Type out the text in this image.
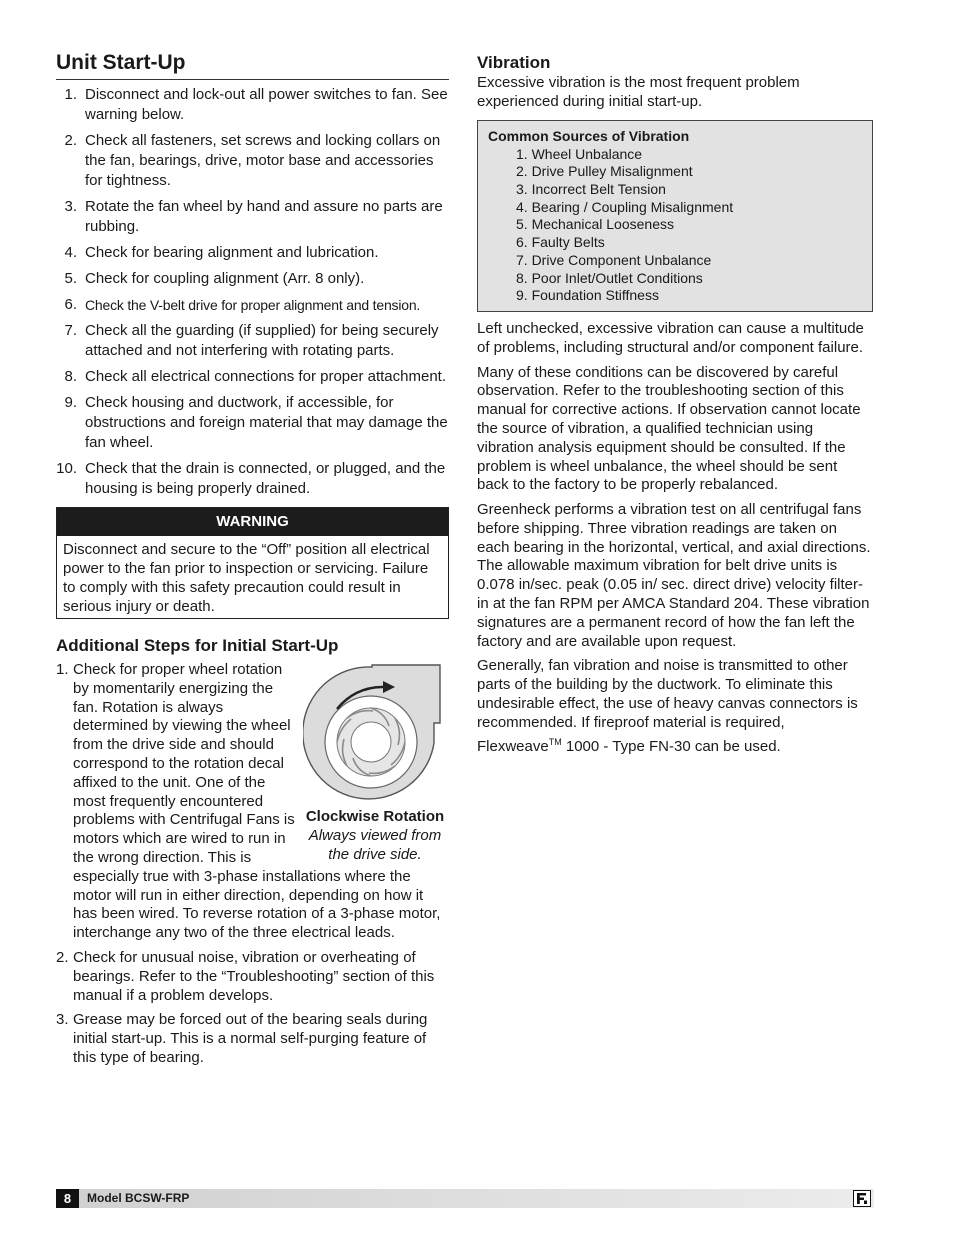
Unit Start-Up
1. Disconnect and lock-out all power switches to fan. See warning below.
2. Check all fasteners, set screws and locking collars on the fan, bearings, drive, motor base and accessories for tightness.
3. Rotate the fan wheel by hand and assure no parts are rubbing.
4. Check for bearing alignment and lubrication.
5. Check for coupling alignment (Arr. 8 only).
6. Check the V-belt drive for proper alignment and tension.
7. Check all the guarding (if supplied) for being securely attached and not interfering with rotating parts.
8. Check all electrical connections for proper attachment.
9. Check housing and ductwork, if accessible, for obstructions and foreign material that may damage the fan wheel.
10. Check that the drain is connected, or plugged, and the housing is being properly drained.
WARNING
Disconnect and secure to the “Off” position all electrical power to the fan prior to inspection or servicing. Failure to comply with this safety precaution could result in serious injury or death.
Additional Steps for Initial Start-Up
1.
Clockwise Rotation
Always viewed from the drive side.
Check for proper wheel rotation by momentarily energizing the fan. Rotation is always determined by viewing the wheel from the drive side and should correspond to the rotation decal affixed to the unit. One of the most frequently encountered problems with Centrifugal Fans is motors which are wired to run in the wrong direction. This is especially true with 3-phase installations where the motor will run in either direction, depending on how it has been wired. To reverse rotation of a 3-phase motor, interchange any two of the three electrical leads.
2. Check for unusual noise, vibration or overheating of bearings. Refer to the “Troubleshooting” section of this manual if a problem develops.
3. Grease may be forced out of the bearing seals during initial start-up. This is a normal self-purging feature of this type of bearing.
Vibration

Excessive vibration is the most frequent problem experienced during initial start-up.

Common Sources of Vibration
1. Wheel Unbalance
2. Drive Pulley Misalignment
3. Incorrect Belt Tension
4. Bearing / Coupling Misalignment
5. Mechanical Looseness
6. Faulty Belts
7. Drive Component Unbalance
8. Poor Inlet/Outlet Conditions
9. Foundation Stiffness

Left unchecked, excessive vibration can cause a multitude of problems, including structural and/or component failure.

Many of these conditions can be discovered by careful observation. Refer to the troubleshooting section of this manual for corrective actions. If observation cannot locate the source of vibration, a qualified technician using vibration analysis equipment should be consulted. If the problem is wheel unbalance, the wheel should be sent back to the factory to be properly rebalanced.

Greenheck performs a vibration test on all centrifugal fans before shipping. Three vibration readings are taken on each bearing in the horizontal, vertical, and axial directions. The allowable maximum vibration for belt drive units is 0.078 in/sec. peak (0.05 in/ sec. direct drive) velocity filter-in at the fan RPM per AMCA Standard 204. These vibration signatures are a permanent record of how the fan left the factory and are available upon request.

Generally, fan vibration and noise is transmitted to other parts of the building by the ductwork. To eliminate this undesirable effect, the use of heavy canvas connectors is recommended. If fireproof material is required, Flexweave™ 1000 - Type FN-30 can be used.

8	Model BCSW-FRP
